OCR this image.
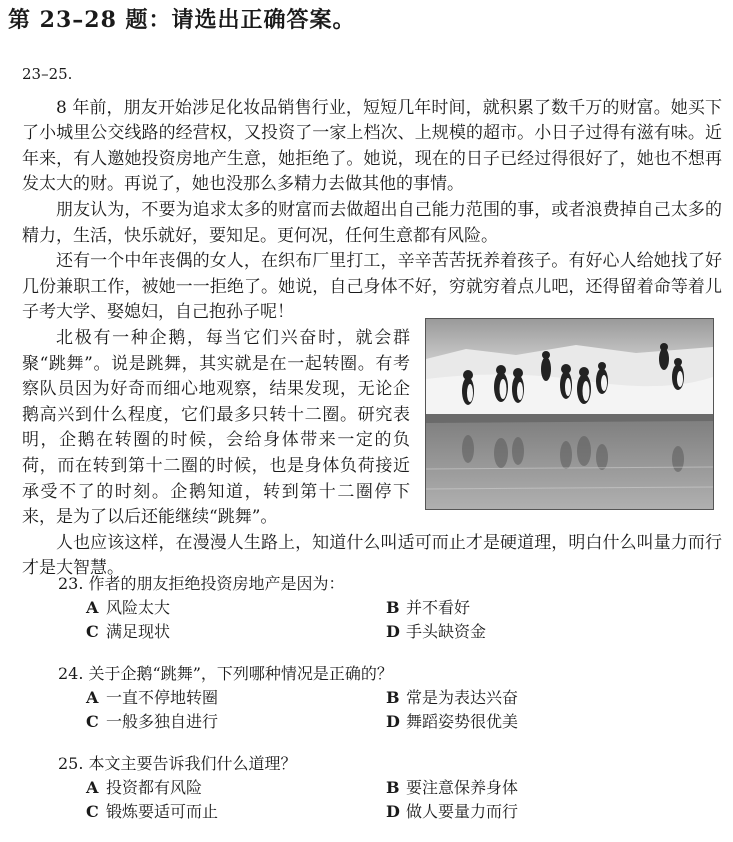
第 23–28 题：请选出正确答案。
23–25.

8 年前，朋友开始涉足化妆品销售行业，短短几年时间，就积累了数千万的财富。她买下了小城里公交线路的经营权，又投资了一家上档次、上规模的超市。小日子过得有滋有味。近年来，有人邀她投资房地产生意，她拒绝了。她说，现在的日子已经过得很好了，她也不想再发太大的财。再说了，她也没那么多精力去做其他的事情。

朋友认为，不要为追求太多的财富而去做超出自己能力范围的事，或者浪费掉自己太多的精力，生活，快乐就好，要知足。更何况，任何生意都有风险。

还有一个中年丧偶的女人，在织布厂里打工，辛辛苦苦抚养着孩子。有好心人给她找了好几份兼职工作，被她一一拒绝了。她说，自己身体不好，穷就穷着点儿吧，还得留着命等着儿子考大学、娶媳妇，自己抱孙子呢！

北极有一种企鹅，每当它们兴奋时，就会群聚“跳舞”。说是跳舞，其实就是在一起转圈。有考察队员因为好奇而细心地观察，结果发现，无论企鹅高兴到什么程度，它们最多只转十二圈。研究表明，企鹅在转圈的时候，会给身体带来一定的负荷，而在转到第十二圈的时候，也是身体负荷接近承受不了的时刻。企鹅知道，转到第十二圈停下来，是为了以后还能继续“跳舞”。

人也应该这样，在漫漫人生路上，知道什么叫适可而止才是硬道理，明白什么叫量力而行才是大智慧。

23. 作者的朋友拒绝投资房地产是因为：
A 风险太大	B 并不看好
C 满足现状	D 手头缺资金
24. 关于企鹅“跳舞”，下列哪种情况是正确的？
A 一直不停地转圈	B 常是为表达兴奋
C 一般多独自进行	D 舞蹈姿势很优美
25. 本文主要告诉我们什么道理？
A 投资都有风险	B 要注意保养身体
C 锻炼要适可而止	D 做人要量力而行
